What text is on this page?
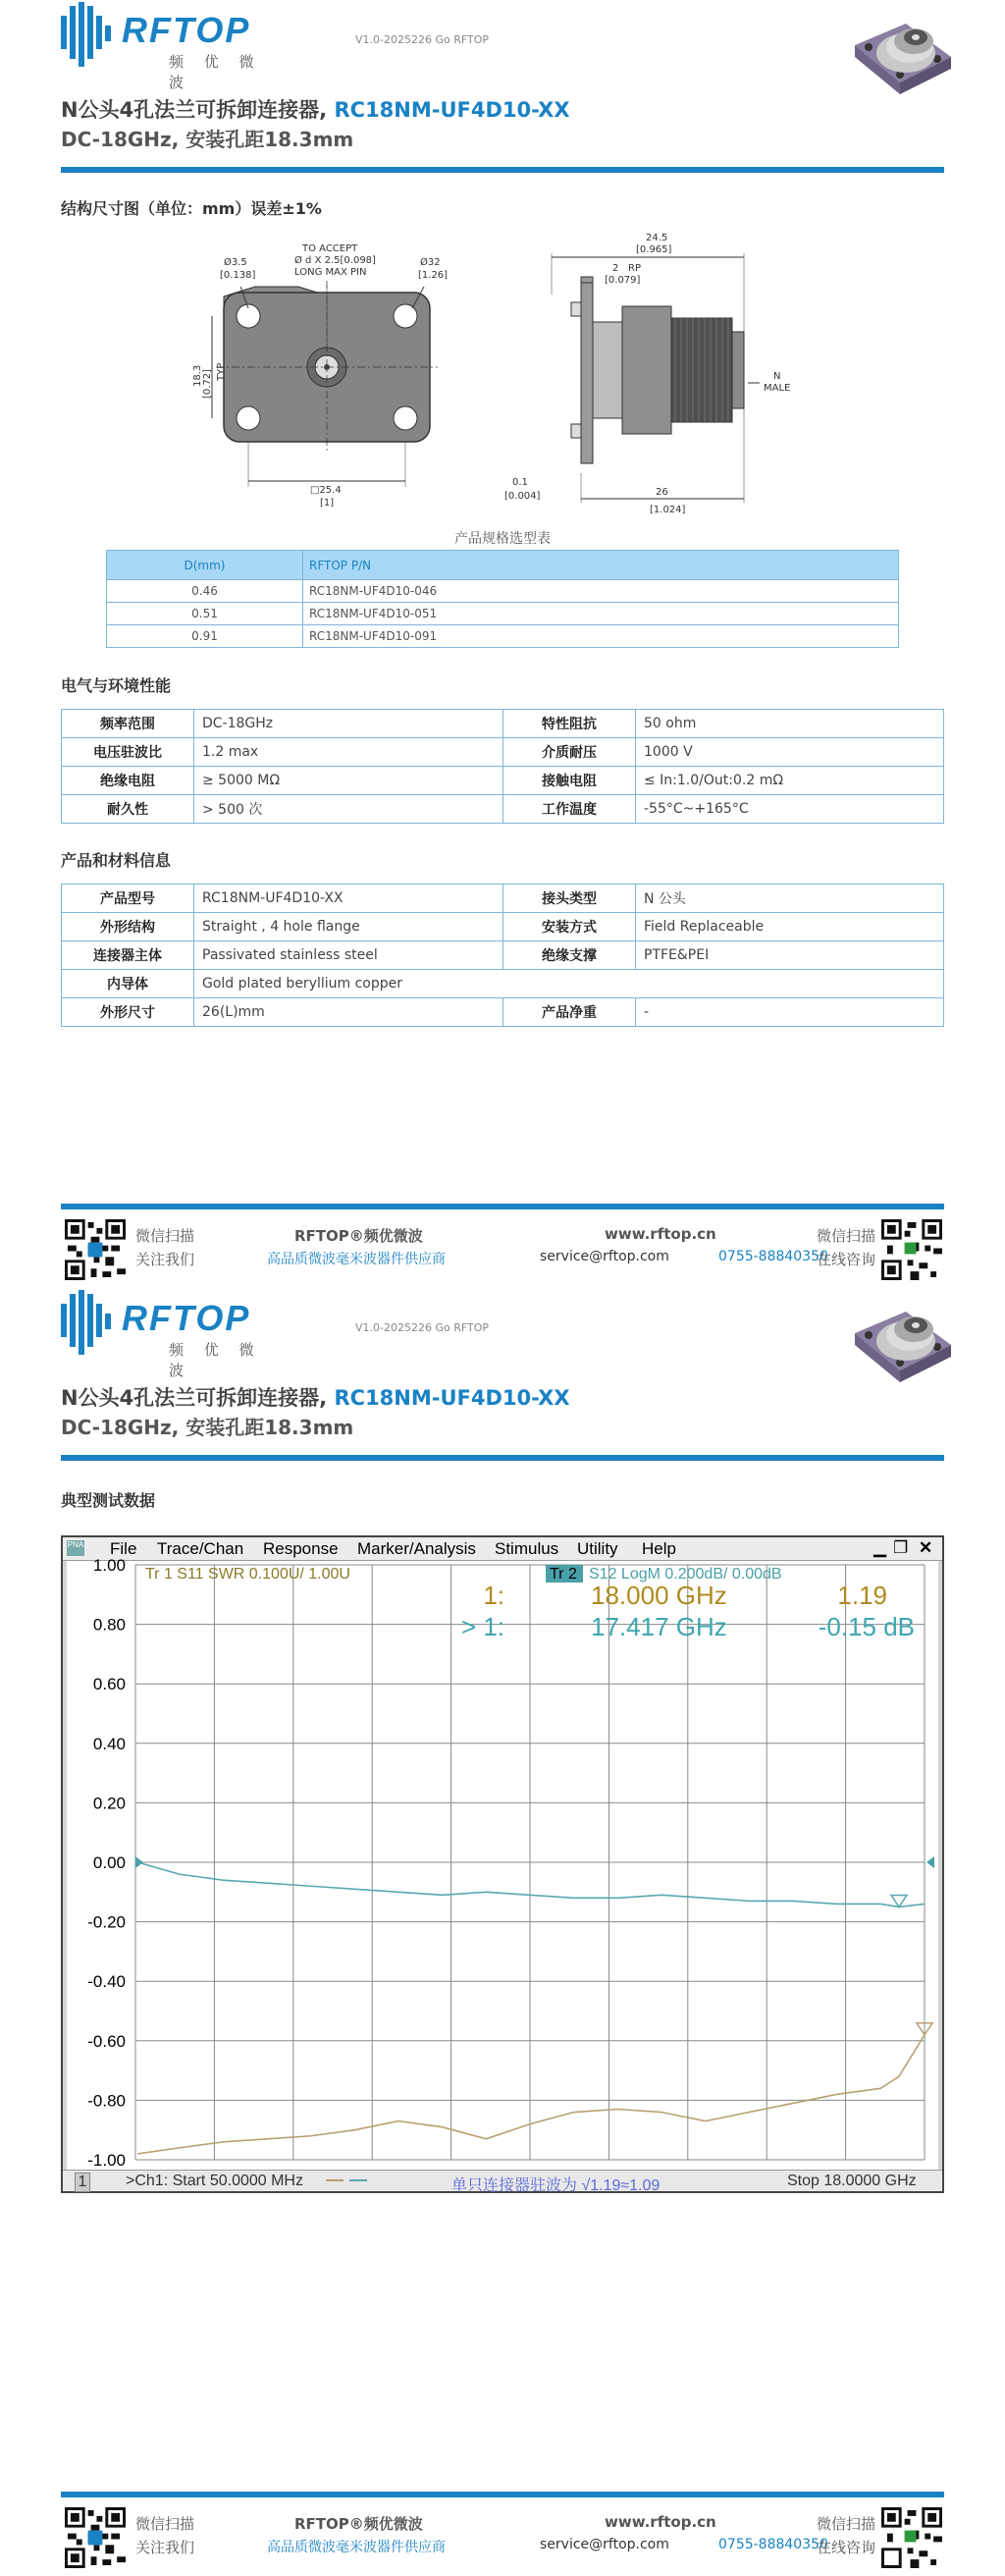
RFTOP
频 优 微 波
V1.0-2025226 Go RFTOP
N公头4孔法兰可拆卸连接器, RC18NM-UF4D10-XX
DC-18GHz, 安装孔距18.3mm
结构尺寸图（单位：mm）误差±1%
Ø3.5
[0.138]
TO ACCEPT
Ø d X 2.5[0.098]
LONG MAX PIN
Ø32
[1.26]
□25.4
[1]
18.3 [0.72] TYP
24.5
[0.965]
2
[0.079]
RP
N
MALE
0.1
[0.004]	26
[1.024]
产品规格选型表
D(mm)	RFTOP P/N
0.46	RC18NM-UF4D10-046
0.51	RC18NM-UF4D10-051
0.91	RC18NM-UF4D10-091
电气与环境性能
频率范围	DC-18GHz	特性阻抗	50 ohm
电压驻波比	1.2 max	介质耐压	1000 V
绝缘电阻	≥ 5000 MΩ	接触电阻	≤ In:1.0/Out:0.2 mΩ
耐久性	> 500 次	工作温度	-55°C~+165°C
产品和材料信息
产品型号	RC18NM-UF4D10-XX	接头类型	N 公头
外形结构	Straight , 4 hole flange	安装方式	Field Replaceable
连接器主体	Passivated stainless steel	绝缘支撑	PTFE&PEI
内导体	Gold plated beryllium copper		
外形尺寸	26(L)mm	产品净重	-
微信扫描
关注我们
RFTOP®频优微波
高品质微波毫米波器件供应商
www.rftop.cn
service@rftop.com	0755-88840350
微信扫描
在线咨询
RFTOP
频 优 微 波
V1.0-2025226 Go RFTOP
N公头4孔法兰可拆卸连接器, RC18NM-UF4D10-XX
DC-18GHz, 安装孔距18.3mm
典型测试数据
PNA File Trace/Chan Response Marker/Analysis Stimulus Utility Help	▁ ❐ ✕
1.00
0.80
0.60
0.40
0.20
0.00
-0.20
-0.40
-0.60
-0.80
-1.00
Tr 1 S11 SWR 0.100U/ 1.00U	Tr 2 S12 LogM 0.200dB/ 0.00dB
1:	18.000 GHz	1.19
> 1:	17.417 GHz	-0.15 dB
1 >Ch1: Start 50.0000 MHz	单只连接器驻波为 √1.19≈1.09	Stop 18.0000 GHz
微信扫描
关注我们
RFTOP®频优微波
高品质微波毫米波器件供应商
www.rftop.cn
service@rftop.com	0755-88840350
微信扫描
在线咨询
